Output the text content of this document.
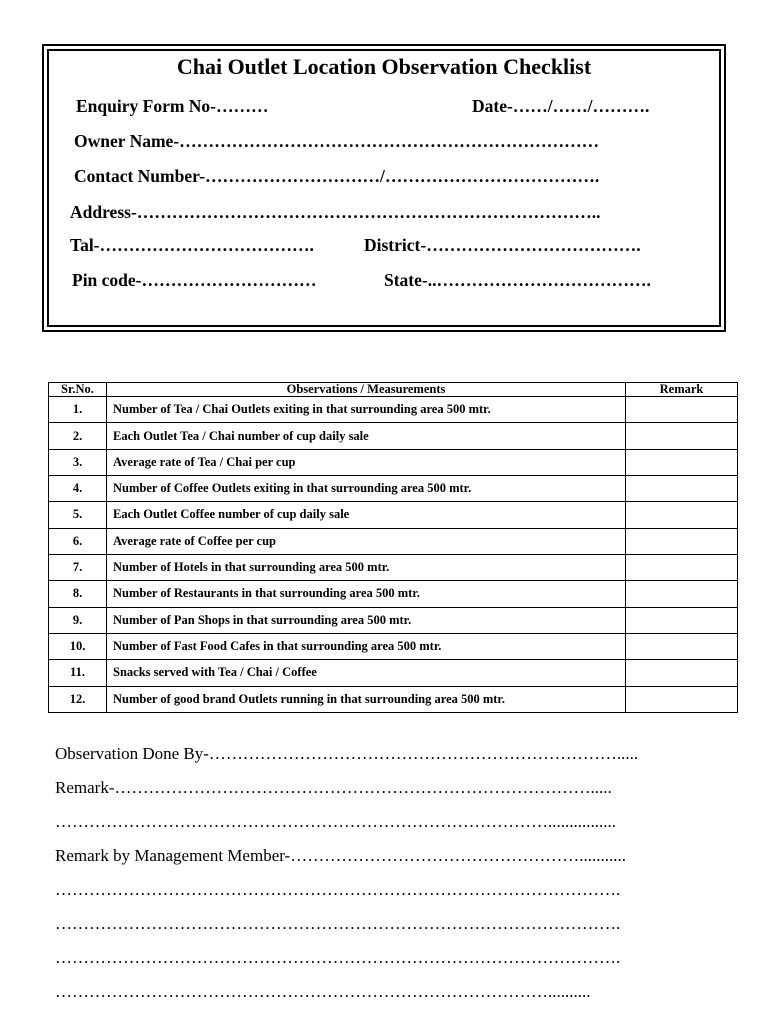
Chai Outlet Location Observation Checklist
Enquiry Form No-………	Date-……/……/……….
Owner Name-………………………………………………………………
Contact Number-…………………………/……………………………….
Address-……………………………………………………………………..
Tal-……………………………….	District-……………………………….
Pin code-…………………………	State-..……………………………….
Sr.No.	Observations / Measurements	Remark
1.	Number of Tea / Chai Outlets exiting in that surrounding area 500 mtr.	
2.	Each Outlet Tea / Chai number of cup daily sale	
3.	Average rate of Tea / Chai per cup	
4.	Number of Coffee Outlets exiting in that surrounding area 500 mtr.	
5.	Each Outlet Coffee number of cup daily sale	
6.	Average rate of Coffee per cup	
7.	Number of Hotels in that surrounding area 500 mtr.	
8.	Number of Restaurants in that surrounding area 500 mtr.	
9.	Number of Pan Shops in that surrounding area 500 mtr.	
10.	Number of Fast Food Cafes in that surrounding area 500 mtr.	
11.	Snacks served with Tea / Chai / Coffee	
12.	Number of good brand Outlets running in that surrounding area 500 mtr.	
Observation Done By-……………………………………………………………….....
Remark-………………………………………………………………………….....
……………………………………………………………………………................
Remark by Management Member-……………………………………………...........
……………………………………………………………………………………….
……………………………………………………………………………………….
……………………………………………………………………………………….
……………………………………………………………………………..........
